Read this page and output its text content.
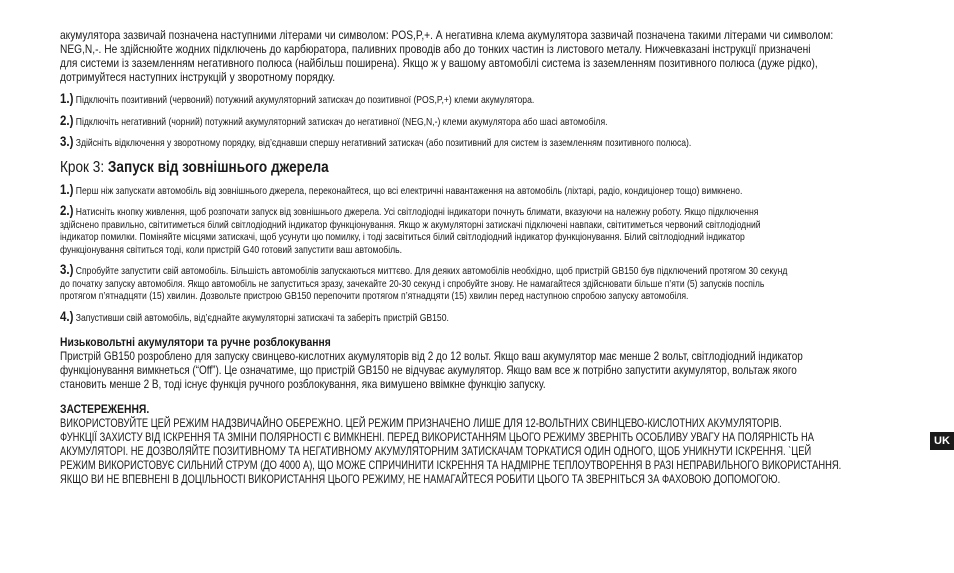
акумулятора зазвичай позначена наступними літерами чи символом: POS,P,+. А негативна клема акумулятора зазвичай позначена такими літерами чи символом:
NEG,N,-. Не здійснюйте жодних підключень до карбюратора, паливних проводів або до тонких частин із листового металу. Нижчевказані інструкції призначені
для системи із заземленням негативного полюса (найбільш поширена). Якщо ж у вашому автомобілі система із заземленням позитивного полюса (дуже рідко),
дотримуйтеся наступних інструкцій у зворотному порядку.

1.) Підключіть позитивний (червоний) потужний акумуляторний затискач до позитивної (POS,P,+) клеми акумулятора.
2.) Підключіть негативний (чорний) потужний акумуляторний затискач до негативної (NEG,N,-) клеми акумулятора або шасі автомобіля.
3.) Здійсніть відключення у зворотному порядку, від’єднавши спершу негативний затискач (або позитивний для систем із заземленням позитивного полюса).
Крок 3: Запуск від зовнішнього джерела
1.) Перш ніж запускати автомобіль від зовнішнього джерела, переконайтеся, що всі електричні навантаження на автомобіль (ліхтарі, радіо, кондиціонер тощо) вимкнено.
2.) Натисніть кнопку живлення, щоб розпочати запуск від зовнішнього джерела. Усі світлодіодні індикатори почнуть блимати, вказуючи на належну роботу. Якщо підключення
здійснено правильно, світитиметься білий світлодіодний індикатор функціонування. Якщо ж акумуляторні затискачі підключені навпаки, світитиметься червоний світлодіодний
індикатор помилки. Поміняйте місцями затискачі, щоб усунути цю помилку, і тоді засвітиться білий світлодіодний індикатор функціонування. Білий світлодіодний індикатор
функціонування світиться тоді, коли пристрій G40 готовий запустити ваш автомобіль.
3.) Спробуйте запустити свій автомобіль. Більшість автомобілів запускаються миттєво. Для деяких автомобілів необхідно, щоб пристрій GB150 був підключений протягом 30 секунд
до початку запуску автомобіля. Якщо автомобіль не запуститься зразу, зачекайте 20-30 секунд і спробуйте знову. Не намагайтеся здійснювати більше п’яти (5) запусків поспіль
протягом п’ятнадцяти (15) хвилин. Дозвольте пристрою GB150 перепочити протягом п’ятнадцяти (15) хвилин перед наступною спробою запуску автомобіля.
4.) Запустивши свій автомобіль, від’єднайте акумуляторні затискачі та заберіть пристрій GB150.
Низьковольтні акумулятори та ручне розблокування

Пристрій GB150 розроблено для запуску свинцево-кислотних акумуляторів від 2 до 12 вольт. Якщо ваш акумулятор має менше 2 вольт, світлодіодний індикатор
функціонування вимкнеться (“Off”). Це означатиме, що пристрій GB150 не відчуває акумулятор. Якщо вам все ж потрібно запустити акумулятор, вольтаж якого
становить менше 2 В, тоді існує функція ручного розблокування, яка вимушено ввімкне функцію запуску.

ЗАСТЕРЕЖЕННЯ.
ВИКОРИСТОВУЙТЕ ЦЕЙ РЕЖИМ НАДЗВИЧАЙНО ОБЕРЕЖНО. ЦЕЙ РЕЖИМ ПРИЗНАЧЕНО ЛИШЕ ДЛЯ 12-ВОЛЬТНИХ СВИНЦЕВО-КИСЛОТНИХ АКУМУЛЯТОРІВ.
ФУНКЦІЇ ЗАХИСТУ ВІД ІСКРЕННЯ ТА ЗМІНИ ПОЛЯРНОСТІ Є ВИМКНЕНІ. ПЕРЕД ВИКОРИСТАННЯМ ЦЬОГО РЕЖИМУ ЗВЕРНІТЬ ОСОБЛИВУ УВАГУ НА ПОЛЯРНІСТЬ НА
АКУМУЛЯТОРІ. НЕ ДОЗВОЛЯЙТЕ ПОЗИТИВНОМУ ТА НЕГАТИВНОМУ АКУМУЛЯТОРНИМ ЗАТИСКАЧАМ ТОРКАТИСЯ ОДИН ОДНОГО, ЩОБ УНИКНУТИ ІСКРЕННЯ. `ЦЕЙ
РЕЖИМ ВИКОРИСТОВУЄ СИЛЬНИЙ СТРУМ (ДО 4000 А), ЩО МОЖЕ СПРИЧИНИТИ ІСКРЕННЯ ТА НАДМІРНЕ ТЕПЛОУТВОРЕННЯ В РАЗІ НЕПРАВИЛЬНОГО ВИКОРИСТАННЯ.
ЯКЩО ВИ НЕ ВПЕВНЕНІ В ДОЦІЛЬНОСТІ ВИКОРИСТАННЯ ЦЬОГО РЕЖИМУ, НЕ НАМАГАЙТЕСЯ РОБИТИ ЦЬОГО ТА ЗВЕРНІТЬСЯ ЗА ФАХОВОЮ ДОПОМОГОЮ.
UK
